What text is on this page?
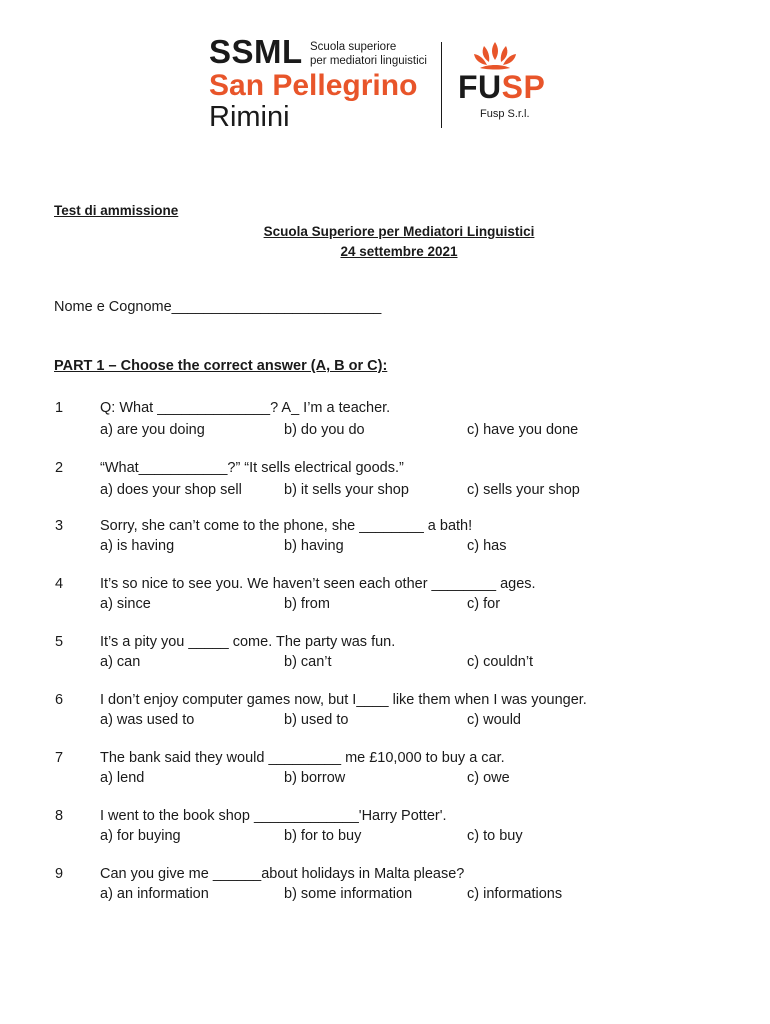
SSML Scuola superiore
per mediatori linguistici
San Pellegrino
Rimini
FUSP
Fusp S.r.l.
Test di ammissione
Scuola Superiore per Mediatori Linguistici
24 settembre 2021
Nome e Cognome__________________________
PART 1 – Choose the correct answer (A, B or C):
1	Q: What ______________? A_ I’m a teacher.
a) are you doing	b) do you do	c) have you done
2	“What___________?” “It sells electrical goods.”
a) does your shop sell	b) it sells your shop	c) sells your shop
3	Sorry, she can’t come to the phone, she ________ a bath!
a) is having	b) having	c) has
4	It’s so nice to see you. We haven’t seen each other ________ ages.
a) since	b) from	c) for
5	It’s a pity you _____ come. The party was fun.
a) can	b) can’t	c) couldn’t
6	I don’t enjoy computer games now, but I____ like them when I was younger.
a) was used to	b) used to	c) would
7	The bank said they would _________ me £10,000 to buy a car.
a) lend	b) borrow	c) owe
8	I went to the book shop _____________'Harry Potter'.
a) for buying	b) for to buy	c) to buy
9	Can you give me ______about holidays in Malta please?
a) an information	b) some information	c) informations
